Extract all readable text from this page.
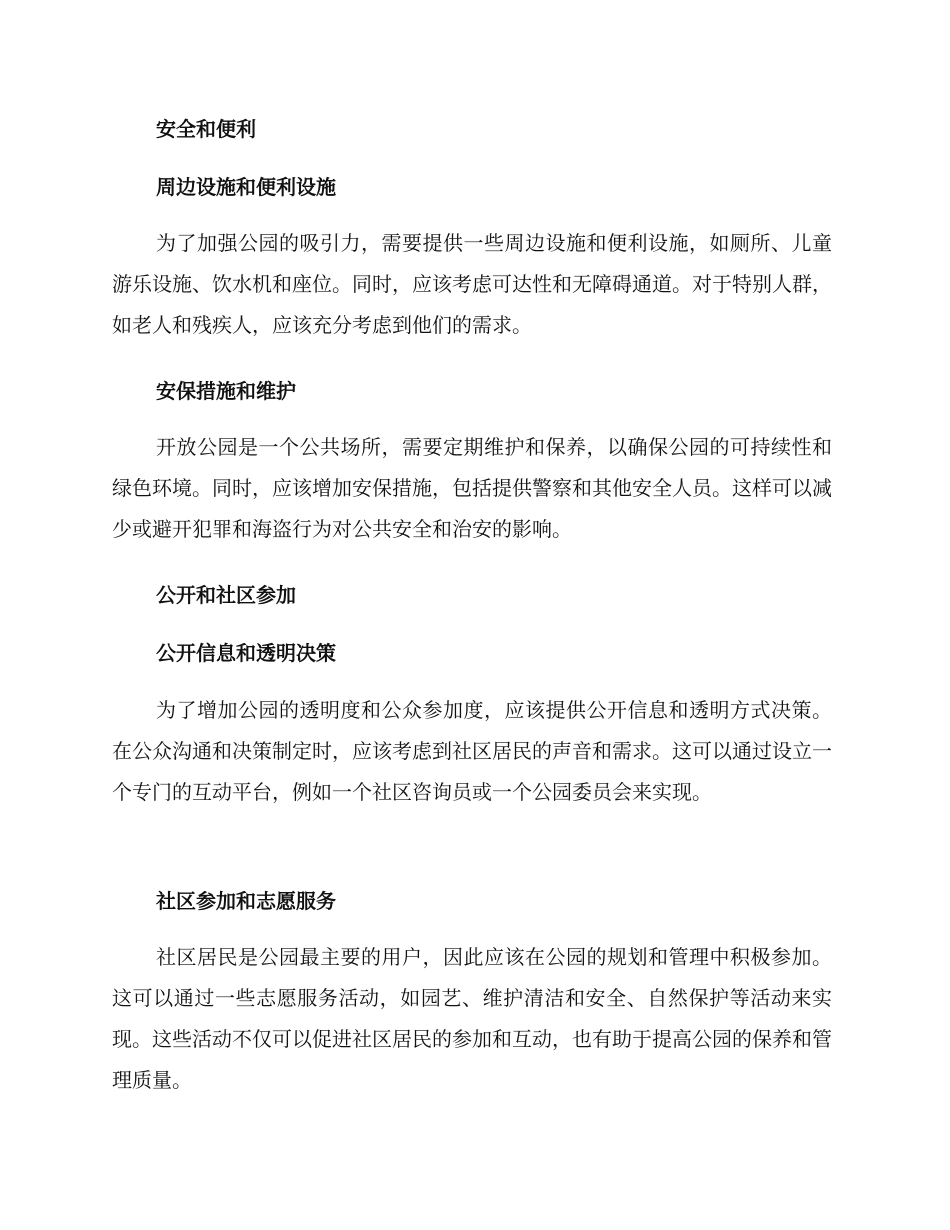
安全和便利
周边设施和便利设施

为了加强公园的吸引力，需要提供一些周边设施和便利设施，如厕所、儿童游乐设施、饮水机和座位。同时，应该考虑可达性和无障碍通道。对于特别人群，如老人和残疾人，应该充分考虑到他们的需求。

安保措施和维护

开放公园是一个公共场所，需要定期维护和保养，以确保公园的可持续性和绿色环境。同时，应该增加安保措施，包括提供警察和其他安全人员。这样可以减少或避开犯罪和海盗行为对公共安全和治安的影响。

公开和社区参加
公开信息和透明决策

为了增加公园的透明度和公众参加度，应该提供公开信息和透明方式决策。在公众沟通和决策制定时，应该考虑到社区居民的声音和需求。这可以通过设立一个专门的互动平台，例如一个社区咨询员或一个公园委员会来实现。

社区参加和志愿服务

社区居民是公园最主要的用户，因此应该在公园的规划和管理中积极参加。这可以通过一些志愿服务活动，如园艺、维护清洁和安全、自然保护等活动来实现。这些活动不仅可以促进社区居民的参加和互动，也有助于提高公园的保养和管理质量。
